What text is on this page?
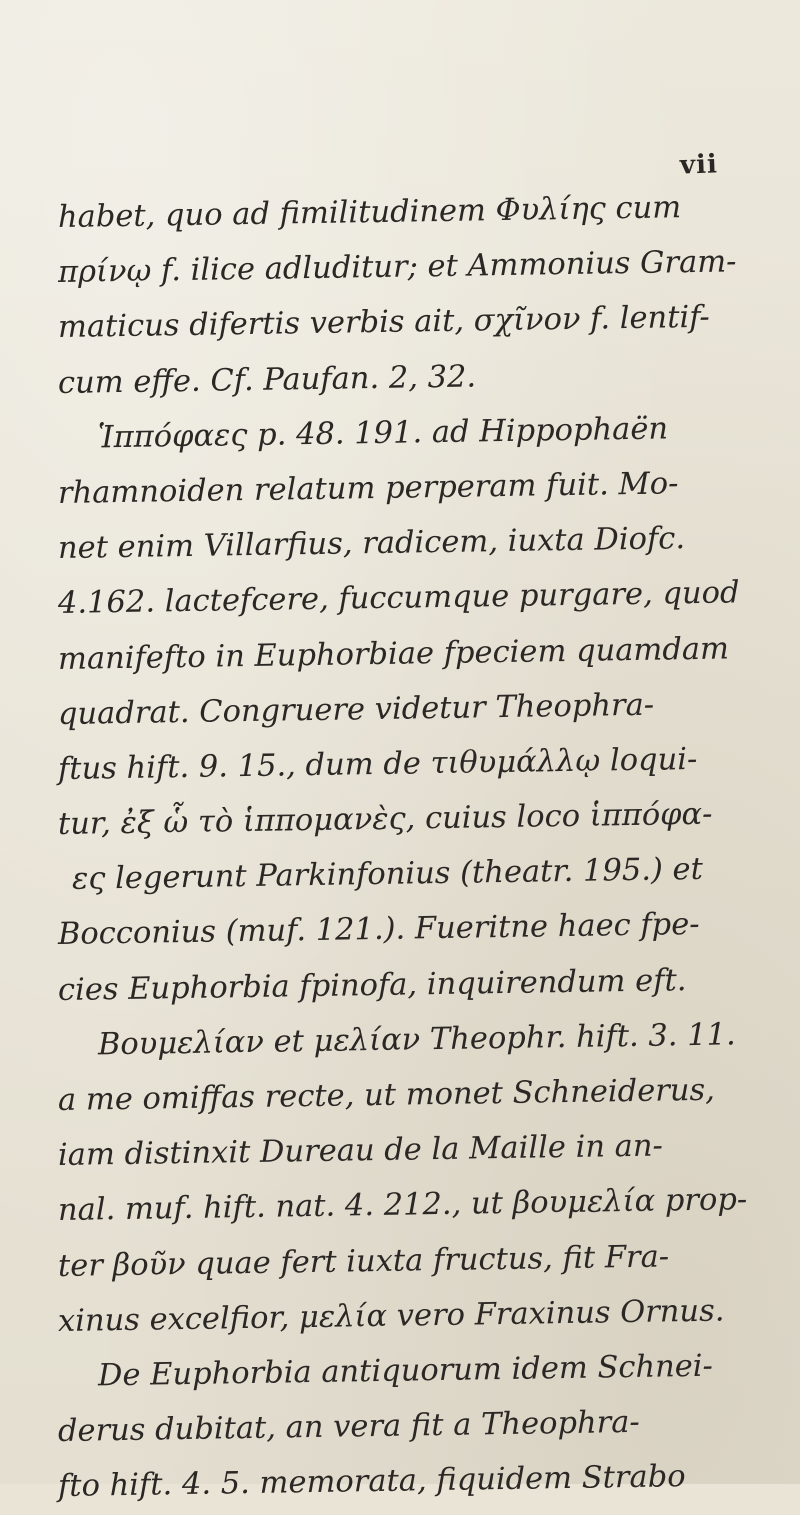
vii
habet, quo ad fimilitudinem Φυλίης cum
πρίνῳ f. ilice adluditur; et Ammonius Gram-
maticus difertis verbis ait, σχῖνον f. lentif-
cum effe. Cf. Paufan. 2, 32.
Ἱππόφαες p. 48. 191. ad Hippophaën
rhamnoiden relatum perperam fuit. Mo-
net enim Villarfius, radicem, iuxta Diofc.
4.162. lactefcere, fuccumque purgare, quod
manifefto in Euphorbiae fpeciem quamdam
quadrat. Congruere videtur Theophra-
ftus hift. 9. 15., dum de τιθυμάλλῳ loqui-
tur, ἐξ ὧ τὸ ἱππομανὲς, cuius loco ἱππόφα-
ες legerunt Parkinfonius (theatr. 195.) et
Bocconius (muf. 121.). Fueritne haec fpe-
cies Euphorbia fpinofa, inquirendum eft.
Βουμελίαν et μελίαν Theophr. hift. 3. 11.
a me omiffas recte, ut monet Schneiderus,
iam distinxit Dureau de la Maille in an-
nal. muf. hift. nat. 4. 212., ut βουμελία prop-
ter βοῦν quae fert iuxta fructus, fit Fra-
xinus excelfior, μελία vero Fraxinus Ornus.
De Euphorbia antiquorum idem Schnei-
derus dubitat, an vera fit a Theophra-
fto hift. 4. 5. memorata, fiquidem Strabo
